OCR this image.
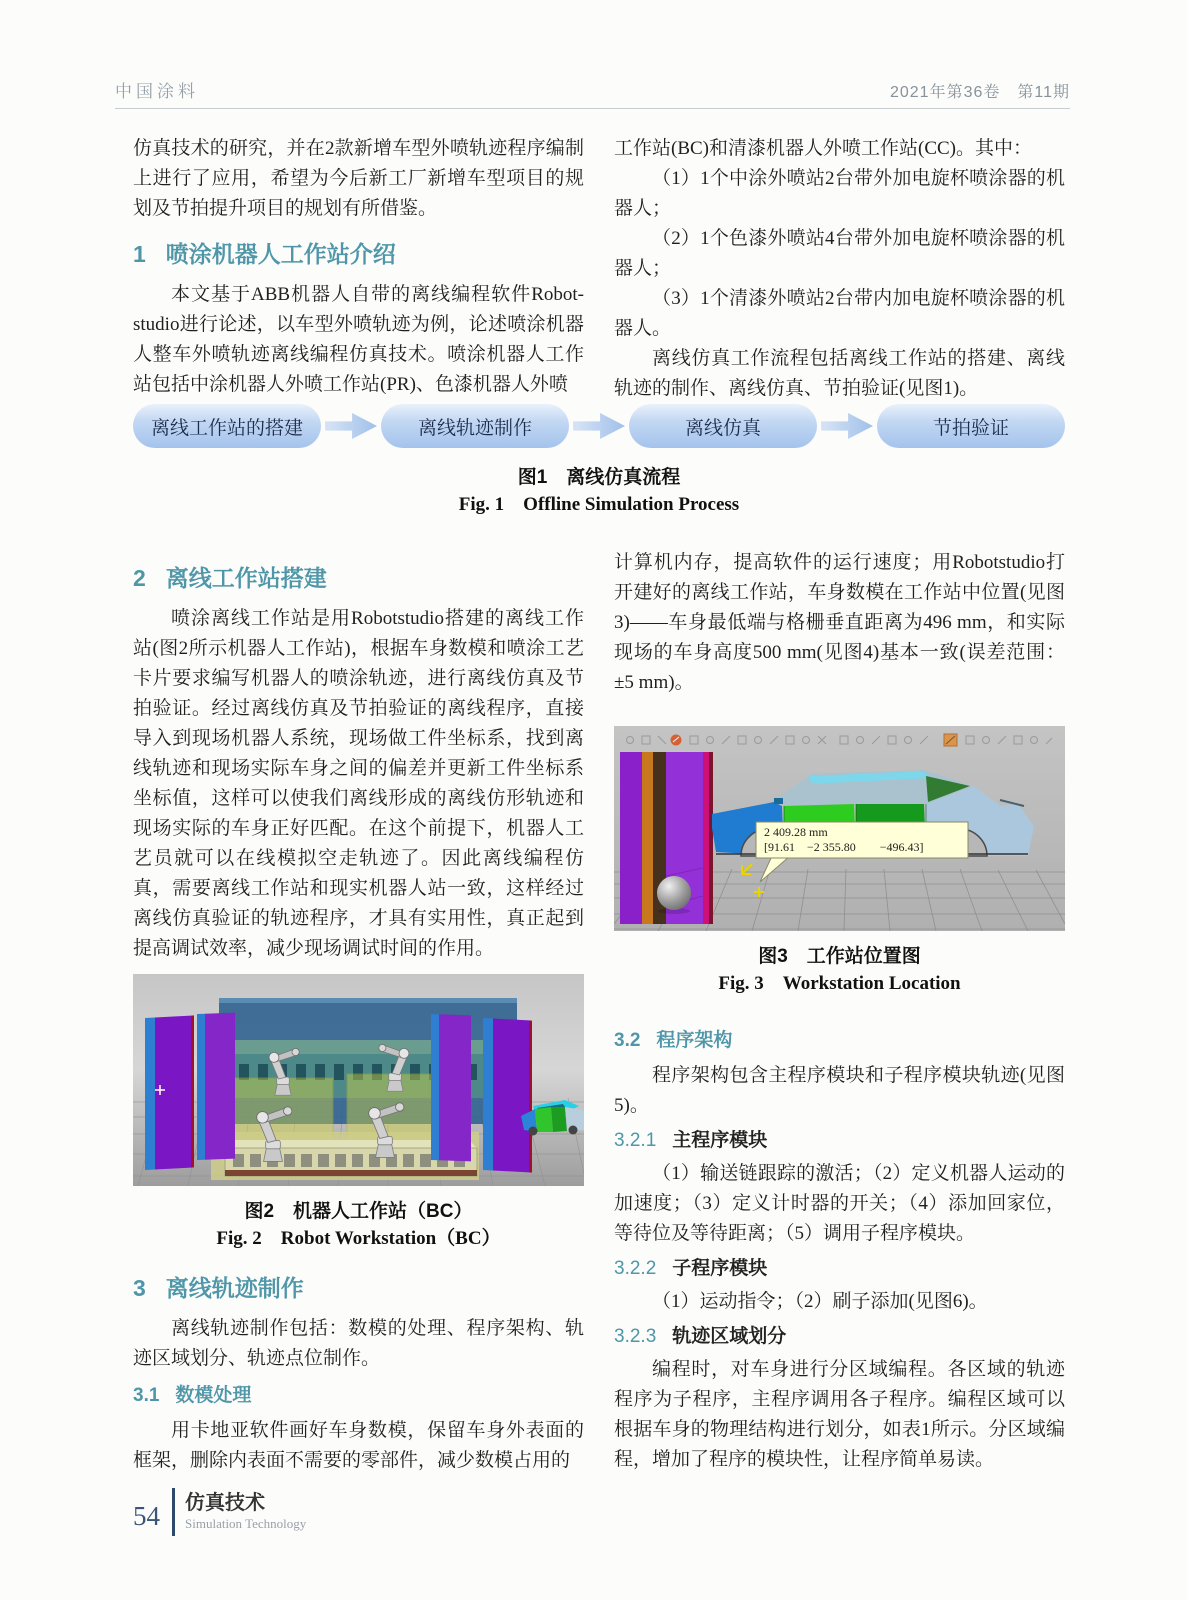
中国涂料	2021年第36卷　第11期

仿真技术的研究，并在2款新增车型外喷轨迹程序编制上进行了应用，希望为今后新工厂新增车型项目的规划及节拍提升项目的规划有所借鉴。

1 喷涂机器人工作站介绍

本文基于ABB机器人自带的离线编程软件Robot-studio进行论述，以车型外喷轨迹为例，论述喷涂机器人整车外喷轨迹离线编程仿真技术。喷涂机器人工作站包括中涂机器人外喷工作站(PR)、色漆机器人外喷

工作站(BC)和清漆机器人外喷工作站(CC)。其中：

（1）1个中涂外喷站2台带外加电旋杯喷涂器的机器人；

（2）1个色漆外喷站4台带外加电旋杯喷涂器的机器人；

（3）1个清漆外喷站2台带内加电旋杯喷涂器的机器人。

离线仿真工作流程包括离线工作站的搭建、离线轨迹的制作、离线仿真、节拍验证(见图1)。

离线工作站的搭建	离线轨迹制作	离线仿真	节拍验证
图1　离线仿真流程
Fig. 1　Offline Simulation Process
2 离线工作站搭建

喷涂离线工作站是用Robotstudio搭建的离线工作站(图2所示机器人工作站)，根据车身数模和喷涂工艺卡片要求编写机器人的喷涂轨迹，进行离线仿真及节拍验证。经过离线仿真及节拍验证的离线程序，直接导入到现场机器人系统，现场做工件坐标系，找到离线轨迹和现场实际车身之间的偏差并更新工件坐标系坐标值，这样可以使我们离线形成的离线仿形轨迹和现场实际的车身正好匹配。在这个前提下，机器人工艺员就可以在线模拟空走轨迹了。因此离线编程仿真，需要离线工作站和现实机器人站一致，这样经过离线仿真验证的轨迹程序，才具有实用性，真正起到提高调试效率，减少现场调试时间的作用。

图2　机器人工作站（BC）
Fig. 2　Robot Workstation（BC）
3 离线轨迹制作

离线轨迹制作包括：数模的处理、程序架构、轨迹区域划分、轨迹点位制作。

3.1 数模处理

用卡地亚软件画好车身数模，保留车身外表面的框架，删除内表面不需要的零部件，减少数模占用的

计算机内存，提高软件的运行速度；用Robotstudio打开建好的离线工作站，车身数模在工作站中位置(见图3)——车身最低端与格栅垂直距离为496 mm，和实际现场的车身高度500 mm(见图4)基本一致(误差范围：±5 mm)。

2 409.28 mm
[91.61　−2 355.80　　−496.43]
图3　工作站位置图
Fig. 3　Workstation Location
3.2 程序架构

程序架构包含主程序模块和子程序模块轨迹(见图5)。

3.2.1 主程序模块

（1）输送链跟踪的激活；（2）定义机器人运动的加速度；（3）定义计时器的开关；（4）添加回家位，等待位及等待距离；（5）调用子程序模块。

3.2.2 子程序模块

（1）运动指令；（2）刷子添加(见图6)。

3.2.3 轨迹区域划分

编程时，对车身进行分区域编程。各区域的轨迹程序为子程序，主程序调用各子程序。编程区域可以根据车身的物理结构进行划分，如表1所示。分区域编程，增加了程序的模块性，让程序简单易读。

54 仿真技术
Simulation Technology
